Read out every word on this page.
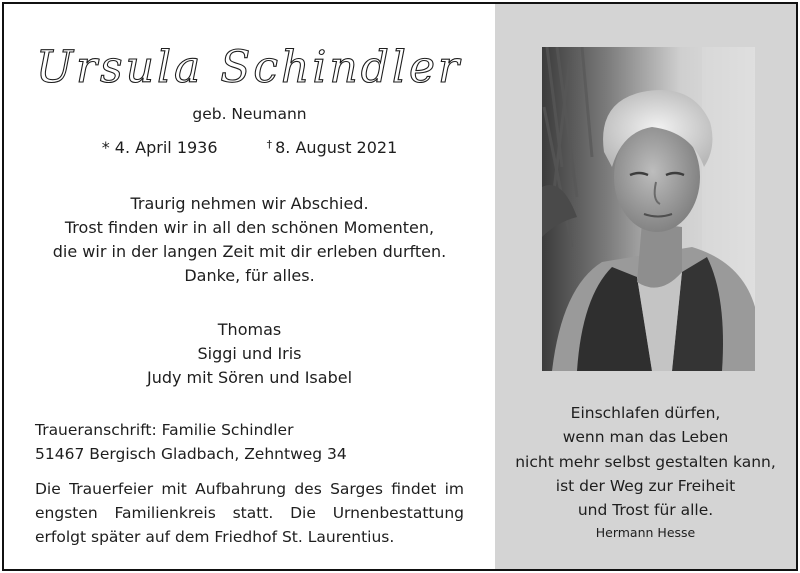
Ursula Schindler
geb. Neumann
* 4. April 1936	† 8. August 2021
Traurig nehmen wir Abschied.
Trost finden wir in all den schönen Momenten,
die wir in der langen Zeit mit dir erleben durften.
Danke, für alles.
Thomas
Siggi und Iris
Judy mit Sören und Isabel
Traueranschrift: Familie Schindler
51467 Bergisch Gladbach, Zehntweg 34
Die Trauerfeier mit Aufbahrung des Sarges findet im engsten Familienkreis statt. Die Urnenbestattung erfolgt später auf dem Friedhof St. Laurentius.
Einschlafen dürfen,
wenn man das Leben
nicht mehr selbst gestalten kann,
ist der Weg zur Freiheit
und Trost für alle.
Hermann Hesse
